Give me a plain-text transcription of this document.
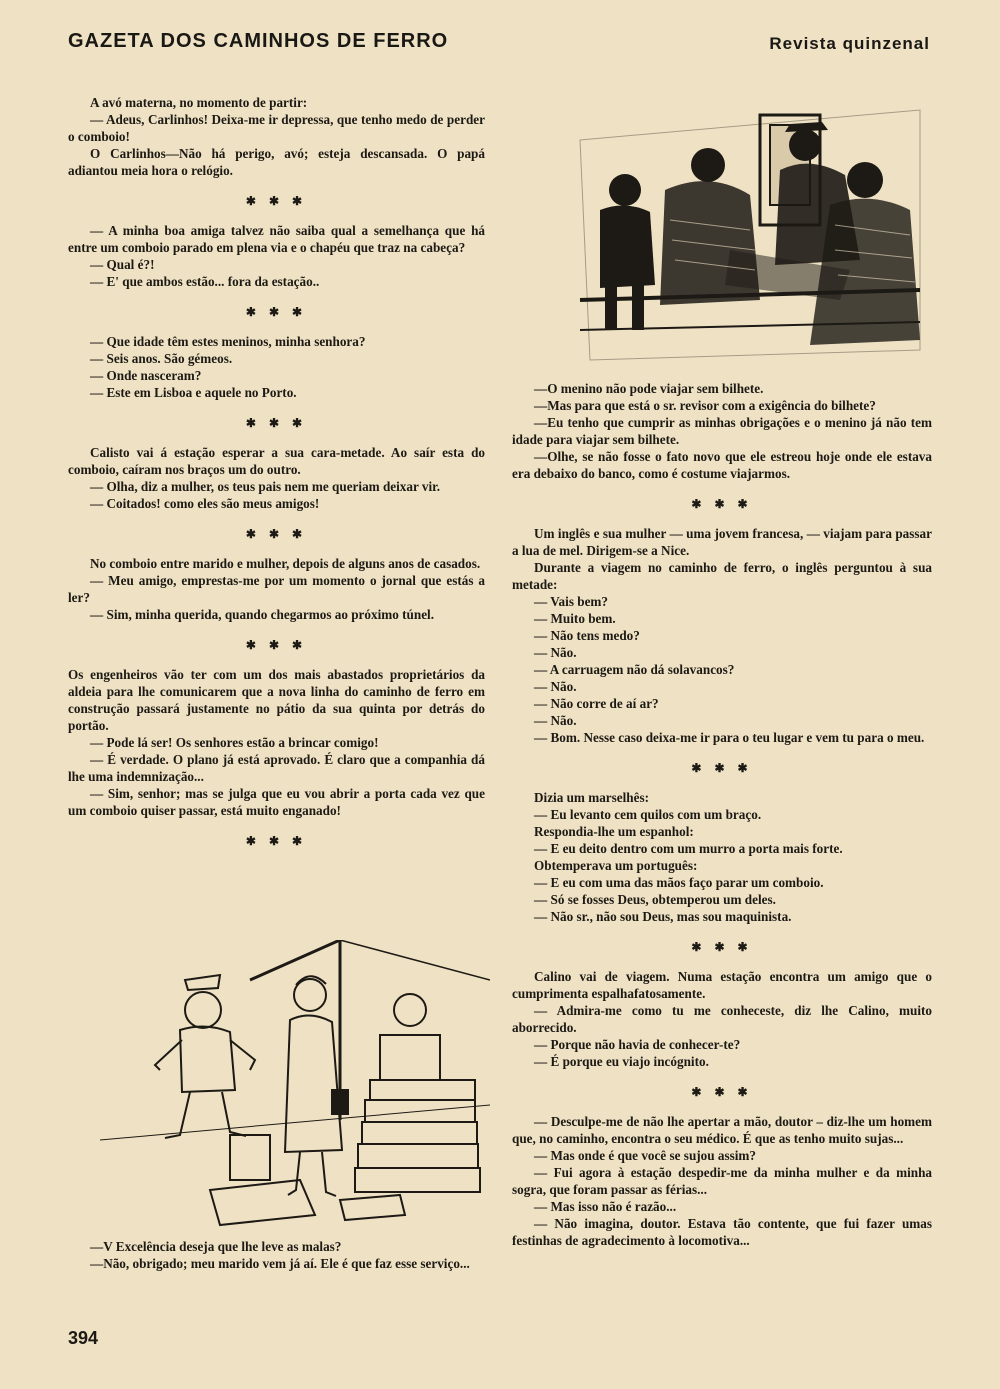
GAZETA DOS CAMINHOS DE FERRO	Revista quinzenal

A avó materna, no momento de partir:

— Adeus, Carlinhos! Deixa-me ir depressa, que tenho medo de perder o comboio!

O Carlinhos—Não há perigo, avó; esteja descansada. O papá adiantou meia hora o relógio.

✱ ✱ ✱

— A minha boa amiga talvez não saiba qual a semelhança que há entre um comboio parado em plena via e o chapéu que traz na cabeça?

— Qual é?!

— E' que ambos estão... fora da estação..

✱ ✱ ✱

— Que idade têm estes meninos, minha senhora?

— Seis anos. São gémeos.

— Onde nasceram?

— Este em Lisboa e aquele no Porto.

✱ ✱ ✱

Calisto vai á estação esperar a sua cara-metade. Ao saír esta do comboio, caíram nos braços um do outro.

— Olha, diz a mulher, os teus pais nem me queriam deixar vir.

— Coitados! como eles são meus amigos!

✱ ✱ ✱

No comboio entre marido e mulher, depois de alguns anos de casados.

— Meu amigo, emprestas-me por um momento o jornal que estás a ler?

— Sim, minha querida, quando chegarmos ao próximo túnel.

✱ ✱ ✱

Os engenheiros vão ter com um dos mais abastados proprietários da aldeia para lhe comunicarem que a nova linha do caminho de ferro em construção passará justamente no pátio da sua quinta por detrás do portão.

— Pode lá ser! Os senhores estão a brincar comigo!

— É verdade. O plano já está aprovado. É claro que a companhia dá lhe uma indemnização...

— Sim, senhor; mas se julga que eu vou abrir a porta cada vez que um comboio quiser passar, está muito enganado!

✱ ✱ ✱

—O menino não pode viajar sem bilhete.

—Mas para que está o sr. revisor com a exigência do bilhete?

—Eu tenho que cumprir as minhas obrigações e o menino já não tem idade para viajar sem bilhete.

—Olhe, se não fosse o fato novo que ele estreou hoje onde ele estava era debaixo do banco, como é costume viajarmos.

✱ ✱ ✱

Um inglês e sua mulher — uma jovem francesa, — viajam para passar a lua de mel. Dirigem-se a Nice.

Durante a viagem no caminho de ferro, o inglês perguntou à sua metade:

— Vais bem?

— Muito bem.

— Não tens medo?

— Não.

— A carruagem não dá solavancos?

— Não.

— Não corre de aí ar?

— Não.

— Bom. Nesse caso deixa-me ir para o teu lugar e vem tu para o meu.

✱ ✱ ✱

Dizia um marselhês:

— Eu levanto cem quilos com um braço.

Respondia-lhe um espanhol:

— E eu deito dentro com um murro a porta mais forte.

Obtemperava um português:

— E eu com uma das mãos faço parar um comboio.

— Só se fosses Deus, obtemperou um deles.

— Não sr., não sou Deus, mas sou maquinista.

✱ ✱ ✱

Calino vai de viagem. Numa estação encontra um amigo que o cumprimenta espalhafatosamente.

— Admira-me como tu me conheceste, diz lhe Calino, muito aborrecido.

— Porque não havia de conhecer-te?

— É porque eu viajo incógnito.

✱ ✱ ✱

— Desculpe-me de não lhe apertar a mão, doutor – diz-lhe um homem que, no caminho, encontra o seu médico. É que as tenho muito sujas...

— Mas onde é que você se sujou assim?

— Fui agora à estação despedir-me da minha mulher e da minha sogra, que foram passar as férias...

— Mas isso não é razão...

— Não imagina, doutor. Estava tão contente, que fui fazer umas festinhas de agradecimento à locomotiva...

—V Excelência deseja que lhe leve as malas?

—Não, obrigado; meu marido vem já aí. Ele é que faz esse serviço...

394
